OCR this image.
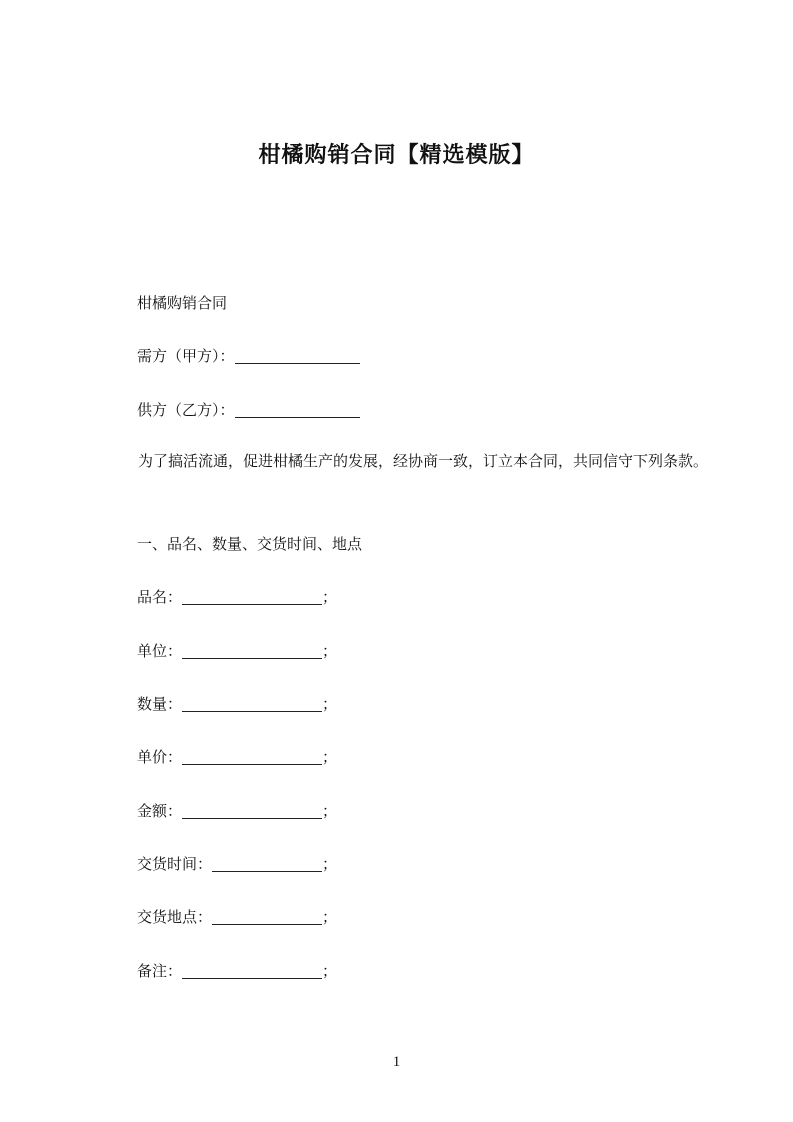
柑橘购销合同【精选模版】
柑橘购销合同
需方（甲方）：
供方（乙方）：
为了搞活流通，促进柑橘生产的发展，经协商一致，订立本合同，共同信守下列条款。
一、品名、数量、交货时间、地点
品名：	；
单位：	；
数量：	；
单价：	；
金额：	；
交货时间：	；
交货地点：	；
备注：	；
1
